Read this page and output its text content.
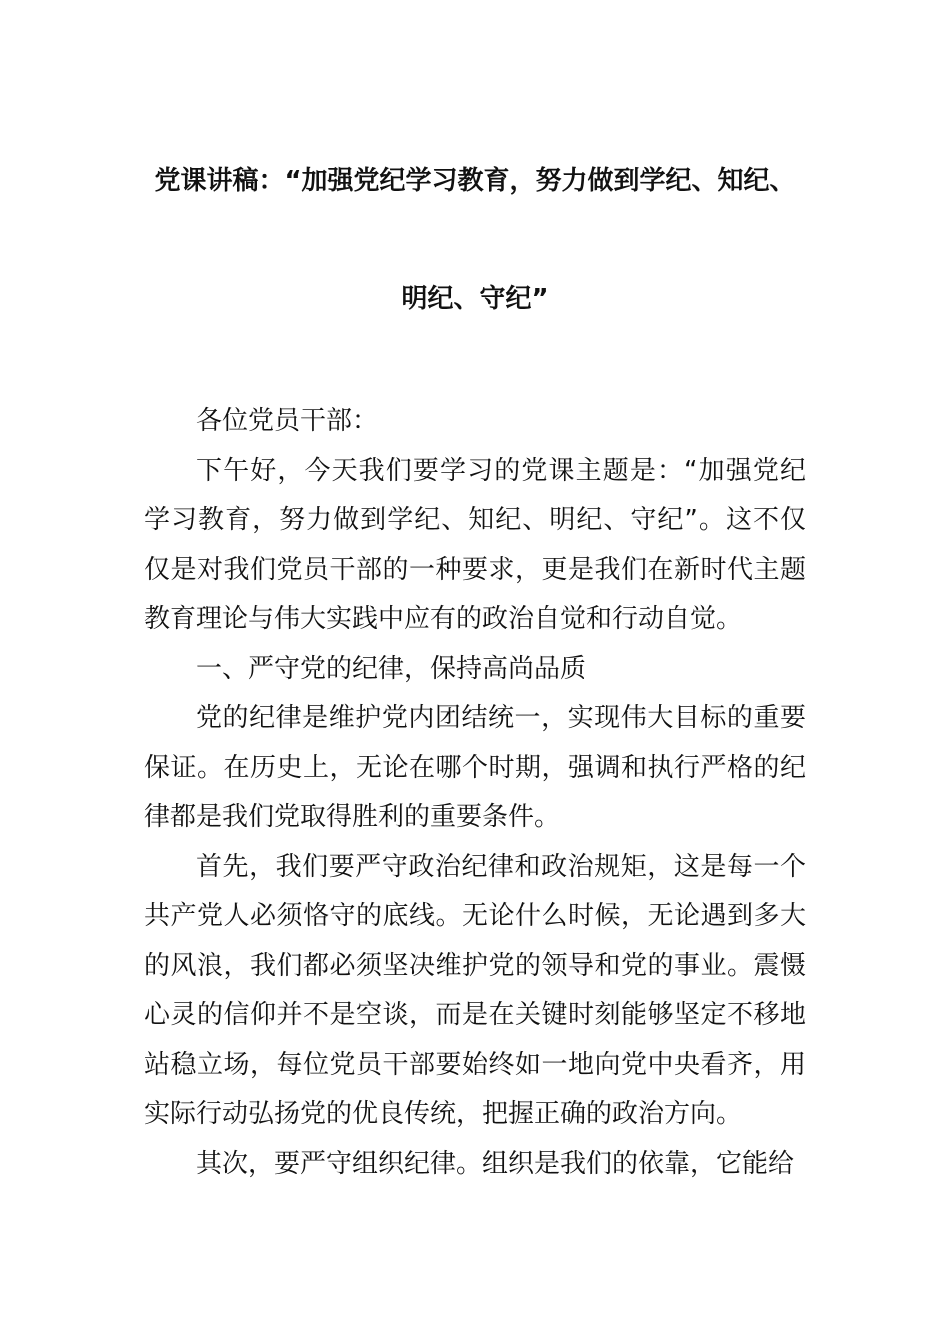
党课讲稿：“加强党纪学习教育，努力做到学纪、知纪、
明纪、守纪”

各位党员干部：

下午好，今天我们要学习的党课主题是：“加强党纪学习教育，努力做到学纪、知纪、明纪、守纪”。这不仅仅是对我们党员干部的一种要求，更是我们在新时代主题教育理论与伟大实践中应有的政治自觉和行动自觉。

一、严守党的纪律，保持高尚品质

党的纪律是维护党内团结统一，实现伟大目标的重要保证。在历史上，无论在哪个时期，强调和执行严格的纪律都是我们党取得胜利的重要条件。

首先，我们要严守政治纪律和政治规矩，这是每一个共产党人必须恪守的底线。无论什么时候，无论遇到多大的风浪，我们都必须坚决维护党的领导和党的事业。震慑心灵的信仰并不是空谈，而是在关键时刻能够坚定不移地站稳立场，每位党员干部要始终如一地向党中央看齐，用实际行动弘扬党的优良传统，把握正确的政治方向。

其次，要严守组织纪律。组织是我们的依靠，它能给
